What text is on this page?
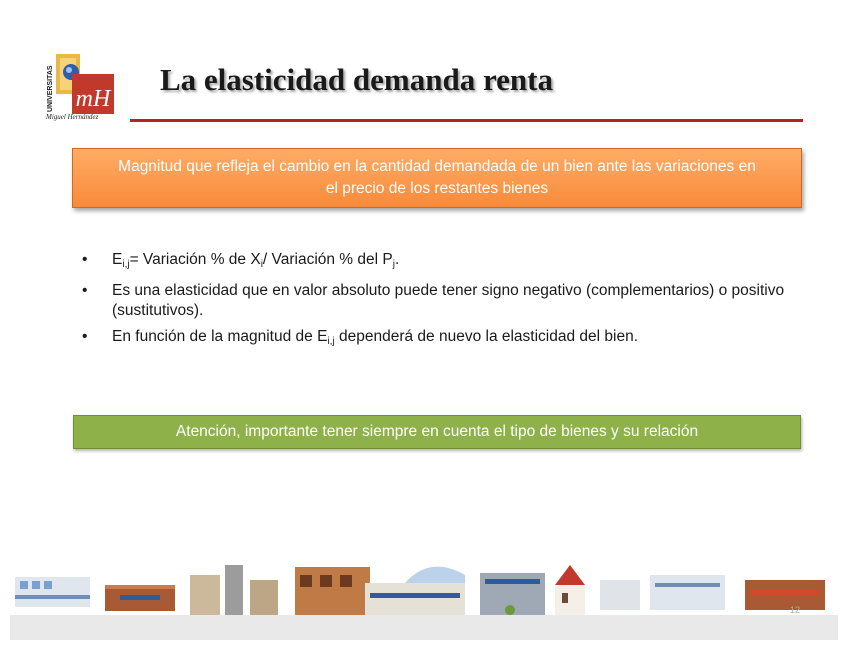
mH
UNIVERSITAS
Miguel Hernández
La elasticidad demanda renta
Magnitud que refleja el cambio en la cantidad demandada de un bien ante las variaciones en el precio de los restantes bienes
• $E_{i,j}=$ Variación % de $X_i/$ Variación % del $P_j$.
• Es una elasticidad que en valor absoluto puede tener signo negativo (complementarios) o positivo (sustitutivos).
• En función de la magnitud de $E_{i,j}$ dependerá de nuevo la elasticidad del bien.
Atención, importante tener siempre en cuenta el tipo de bienes y su relación
12
